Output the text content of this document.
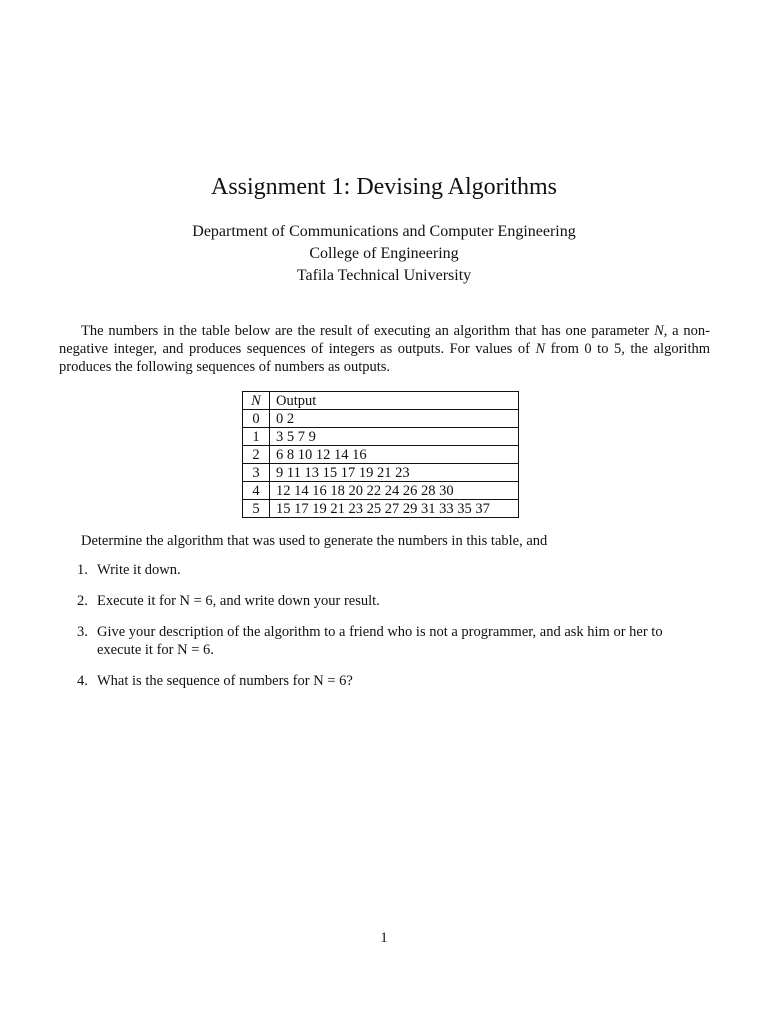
Assignment 1: Devising Algorithms
Department of Communications and Computer Engineering
College of Engineering
Tafila Technical University

The numbers in the table below are the result of executing an algorithm that has one parameter N, a non-negative integer, and produces sequences of integers as outputs. For values of N from 0 to 5, the algorithm produces the following sequences of numbers as outputs.

N	Output
0	0 2
1	3 5 7 9
2	6 8 10 12 14 16
3	9 11 13 15 17 19 21 23
4	12 14 16 18 20 22 24 26 28 30
5	15 17 19 21 23 25 27 29 31 33 35 37
Determine the algorithm that was used to generate the numbers in this table, and
1. Write it down.
2. Execute it for N = 6, and write down your result.
3. Give your description of the algorithm to a friend who is not a programmer, and ask him or her to execute it for N = 6.
4. What is the sequence of numbers for N = 6?
1
